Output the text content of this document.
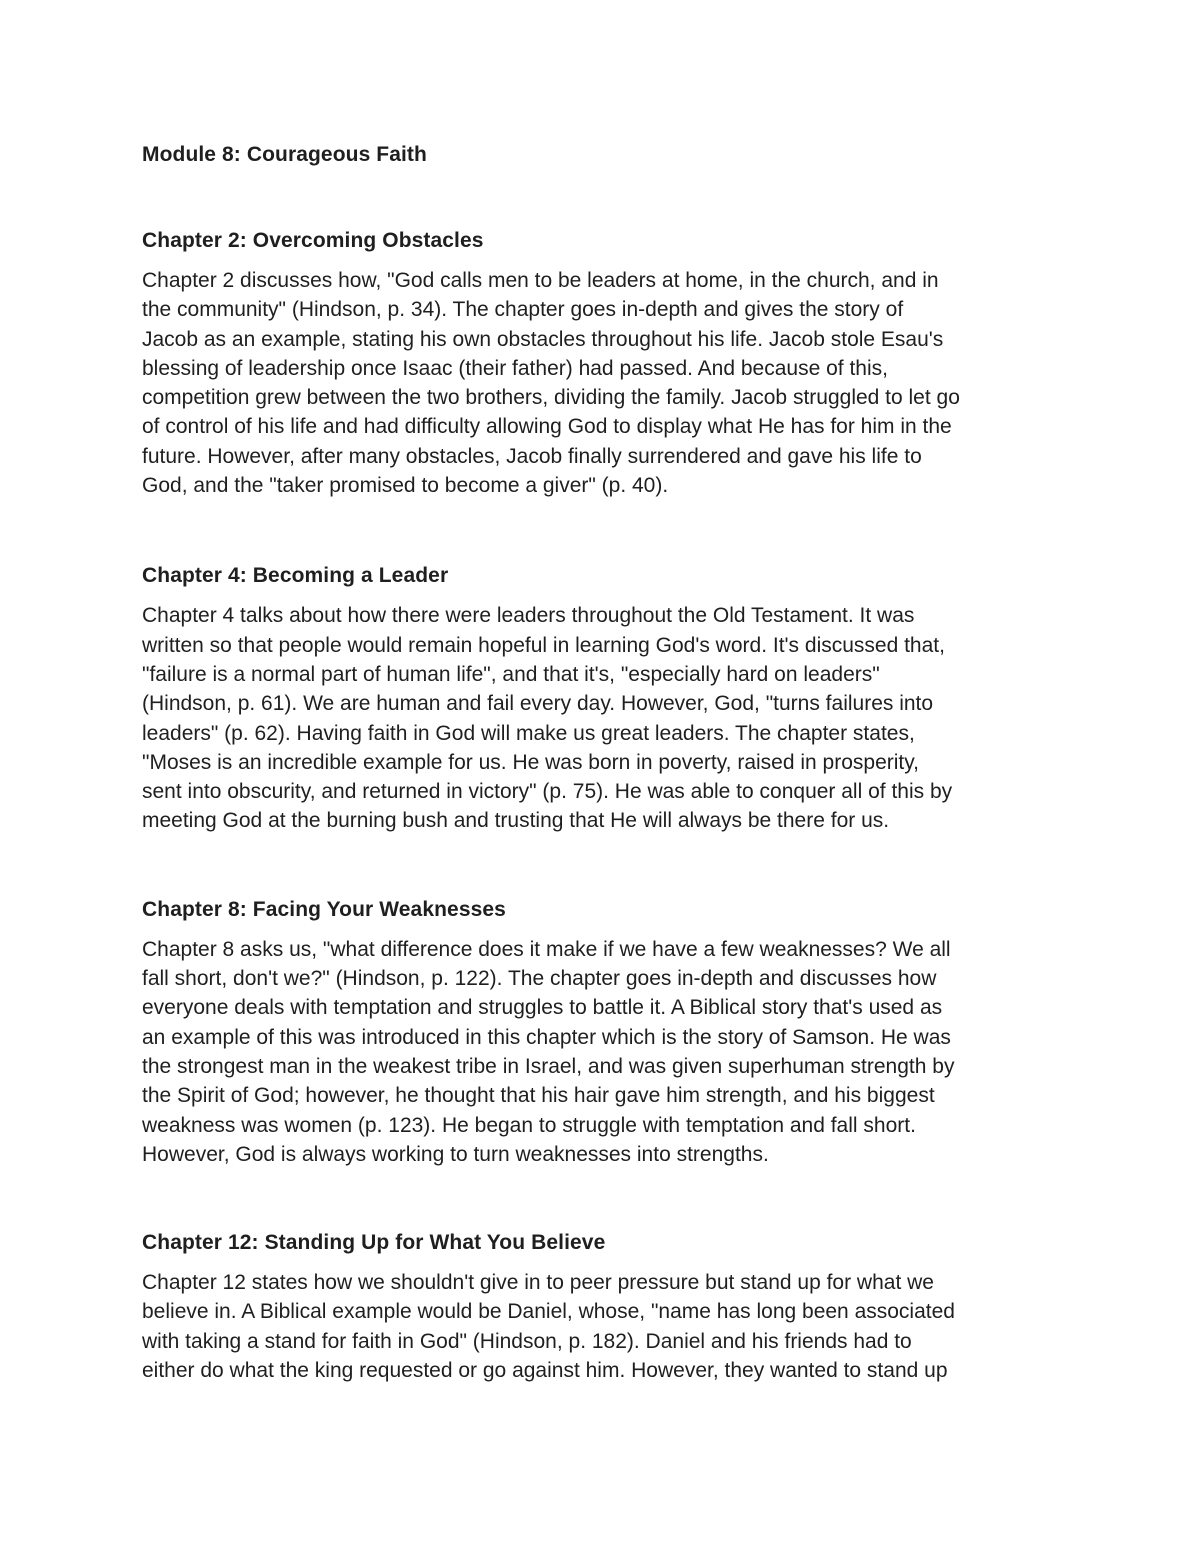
Module 8: Courageous Faith
Chapter 2: Overcoming Obstacles

Chapter 2 discusses how, "God calls men to be leaders at home, in the church, and in
the community" (Hindson, p. 34). The chapter goes in-depth and gives the story of
Jacob as an example, stating his own obstacles throughout his life. Jacob stole Esau's
blessing of leadership once Isaac (their father) had passed. And because of this,
competition grew between the two brothers, dividing the family. Jacob struggled to let go
of control of his life and had difficulty allowing God to display what He has for him in the
future. However, after many obstacles, Jacob finally surrendered and gave his life to
God, and the "taker promised to become a giver" (p. 40).

Chapter 4: Becoming a Leader

Chapter 4 talks about how there were leaders throughout the Old Testament. It was
written so that people would remain hopeful in learning God's word. It's discussed that,
"failure is a normal part of human life", and that it's, "especially hard on leaders"
(Hindson, p. 61). We are human and fail every day. However, God, "turns failures into
leaders" (p. 62). Having faith in God will make us great leaders. The chapter states,
"Moses is an incredible example for us. He was born in poverty, raised in prosperity,
sent into obscurity, and returned in victory" (p. 75). He was able to conquer all of this by
meeting God at the burning bush and trusting that He will always be there for us.

Chapter 8: Facing Your Weaknesses

Chapter 8 asks us, "what difference does it make if we have a few weaknesses? We all
fall short, don't we?" (Hindson, p. 122). The chapter goes in-depth and discusses how
everyone deals with temptation and struggles to battle it. A Biblical story that's used as
an example of this was introduced in this chapter which is the story of Samson. He was
the strongest man in the weakest tribe in Israel, and was given superhuman strength by
the Spirit of God; however, he thought that his hair gave him strength, and his biggest
weakness was women (p. 123). He began to struggle with temptation and fall short.
However, God is always working to turn weaknesses into strengths.

Chapter 12: Standing Up for What You Believe

Chapter 12 states how we shouldn't give in to peer pressure but stand up for what we
believe in. A Biblical example would be Daniel, whose, "name has long been associated
with taking a stand for faith in God" (Hindson, p. 182). Daniel and his friends had to
either do what the king requested or go against him. However, they wanted to stand up
